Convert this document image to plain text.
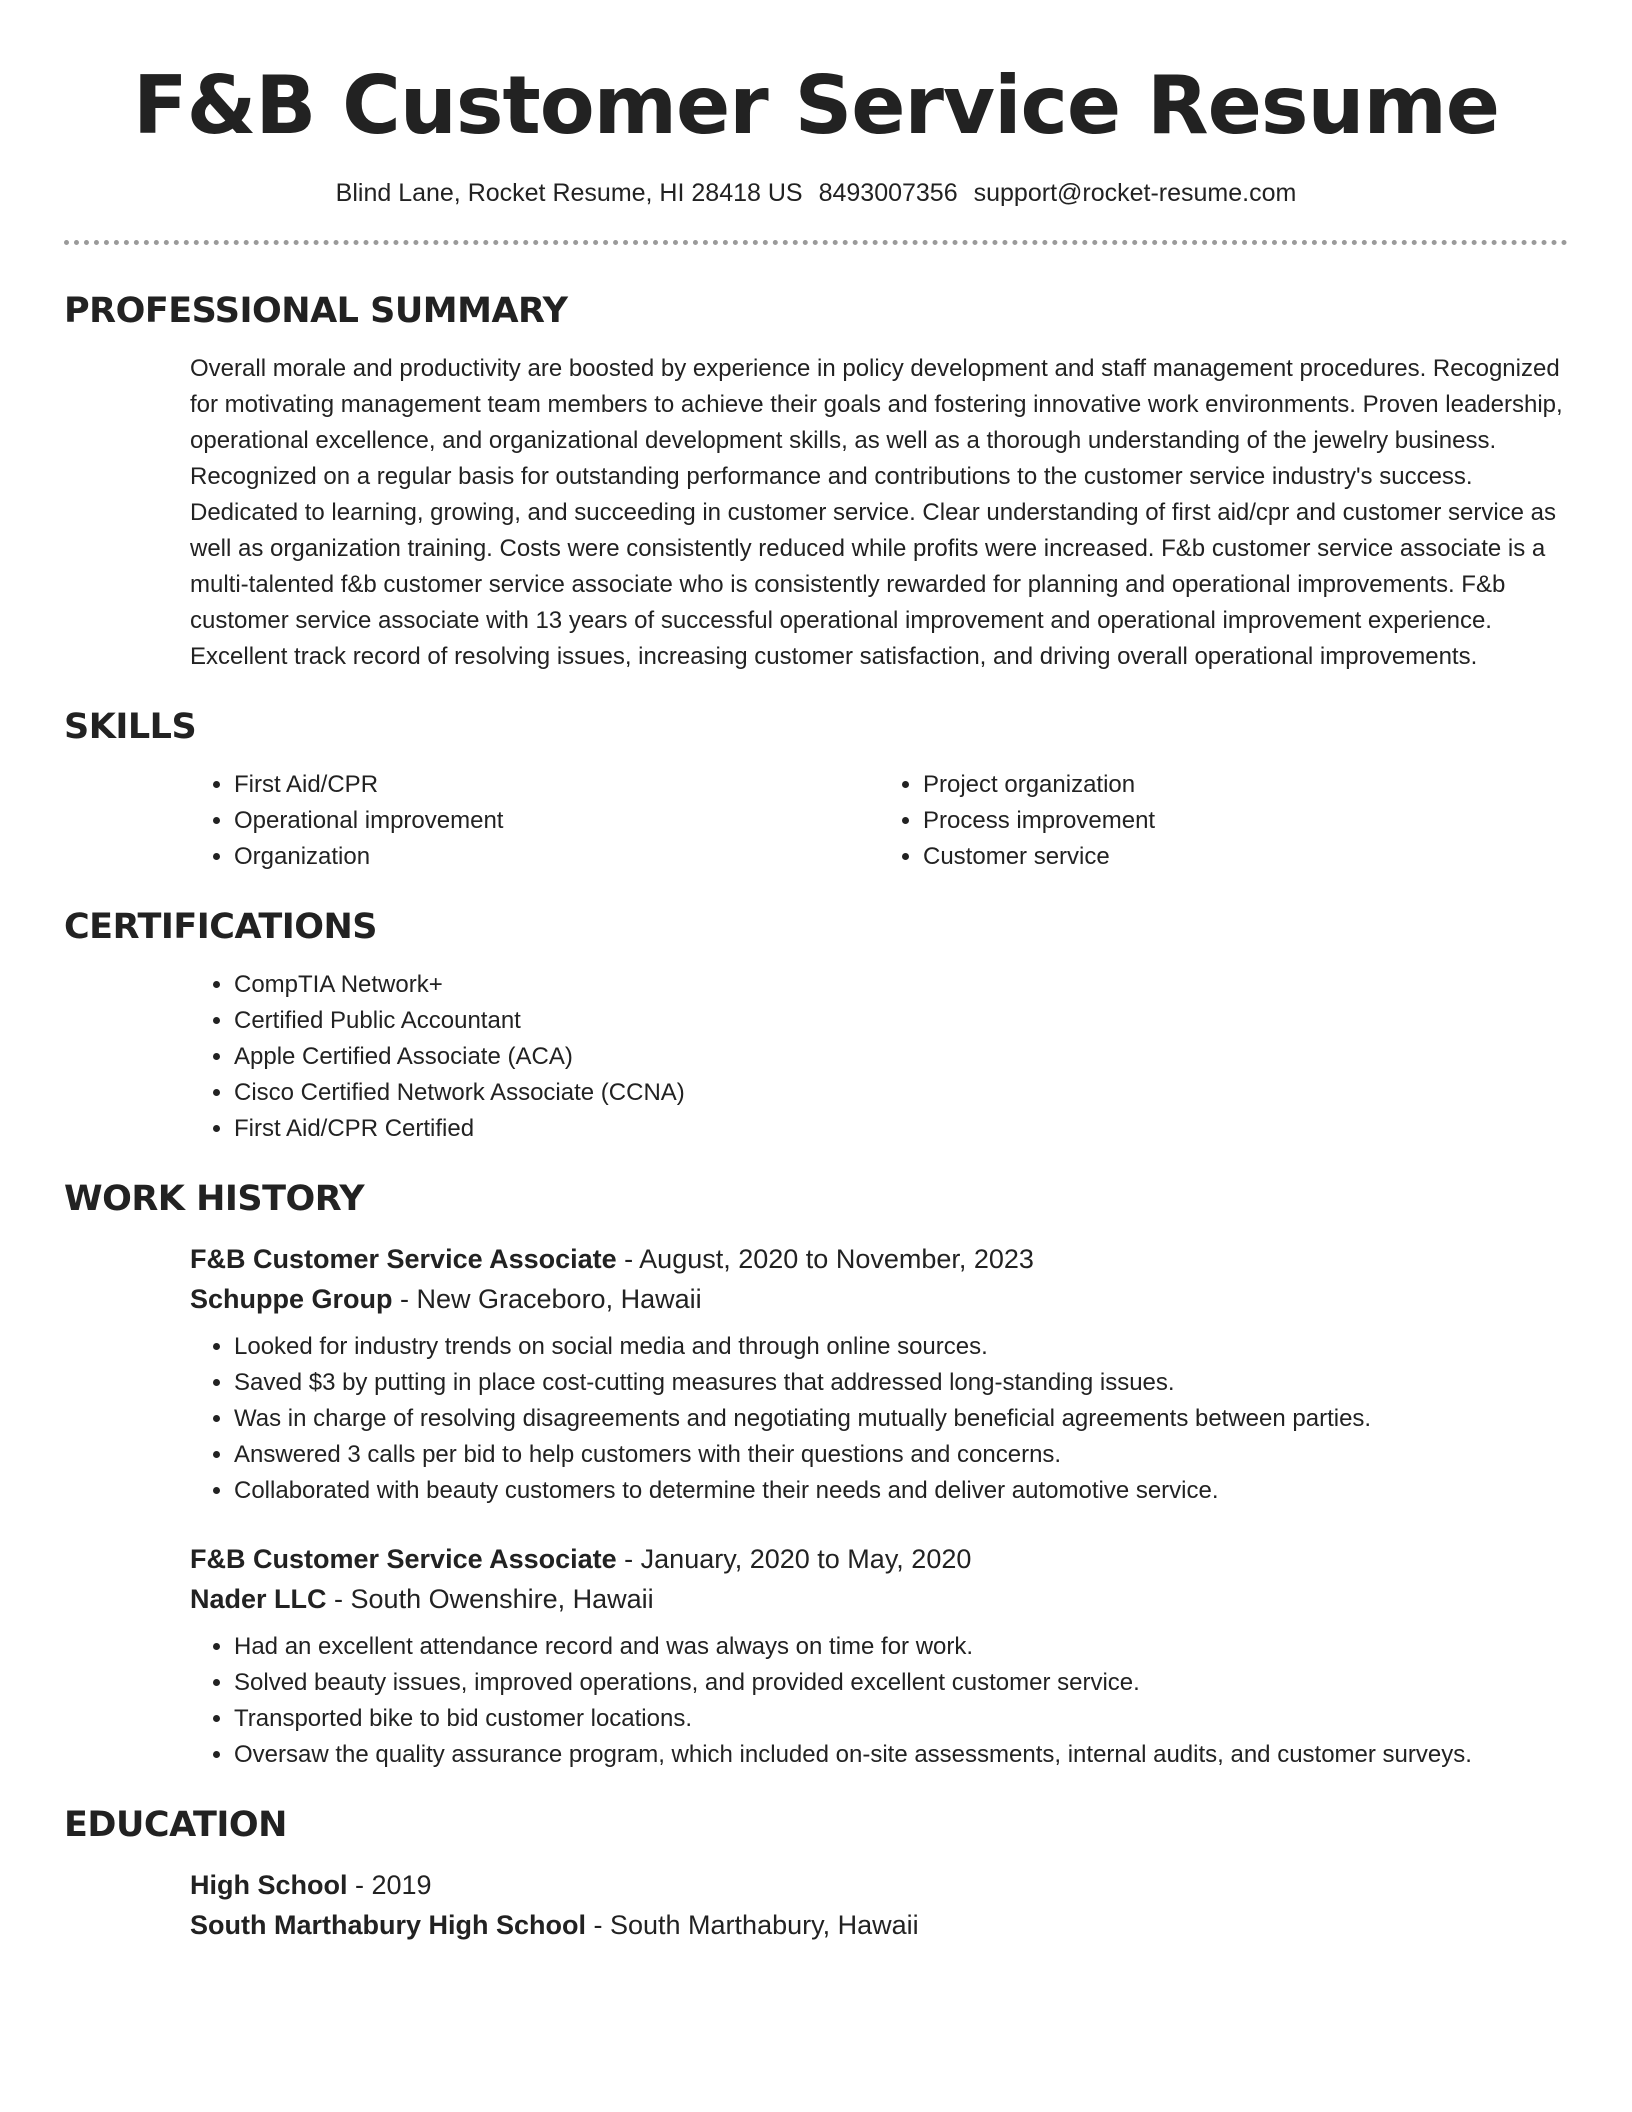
F&B Customer Service Resume
Blind Lane, Rocket Resume, HI 28418 US 8493007356 support@rocket-resume.com
PROFESSIONAL SUMMARY

Overall morale and productivity are boosted by experience in policy development and staff management procedures. Recognized for motivating management team members to achieve their goals and fostering innovative work environments. Proven leadership, operational excellence, and organizational development skills, as well as a thorough understanding of the jewelry business. Recognized on a regular basis for outstanding performance and contributions to the customer service industry's success. Dedicated to learning, growing, and succeeding in customer service. Clear understanding of first aid/cpr and customer service as well as organization training. Costs were consistently reduced while profits were increased. F&b customer service associate is a multi-talented f&b customer service associate who is consistently rewarded for planning and operational improvements. F&b customer service associate with 13 years of successful operational improvement and operational improvement experience. Excellent track record of resolving issues, increasing customer satisfaction, and driving overall operational improvements.

SKILLS
• First Aid/CPR
• Operational improvement
• Organization
• Project organization
• Process improvement
• Customer service
CERTIFICATIONS
• CompTIA Network+
• Certified Public Accountant
• Apple Certified Associate (ACA)
• Cisco Certified Network Associate (CCNA)
• First Aid/CPR Certified
WORK HISTORY
F&B Customer Service Associate - August, 2020 to November, 2023
Schuppe Group - New Graceboro, Hawaii
• Looked for industry trends on social media and through online sources.
• Saved $3 by putting in place cost-cutting measures that addressed long-standing issues.
• Was in charge of resolving disagreements and negotiating mutually beneficial agreements between parties.
• Answered 3 calls per bid to help customers with their questions and concerns.
• Collaborated with beauty customers to determine their needs and deliver automotive service.
F&B Customer Service Associate - January, 2020 to May, 2020
Nader LLC - South Owenshire, Hawaii
• Had an excellent attendance record and was always on time for work.
• Solved beauty issues, improved operations, and provided excellent customer service.
• Transported bike to bid customer locations.
• Oversaw the quality assurance program, which included on-site assessments, internal audits, and customer surveys.
EDUCATION
High School - 2019
South Marthabury High School - South Marthabury, Hawaii
